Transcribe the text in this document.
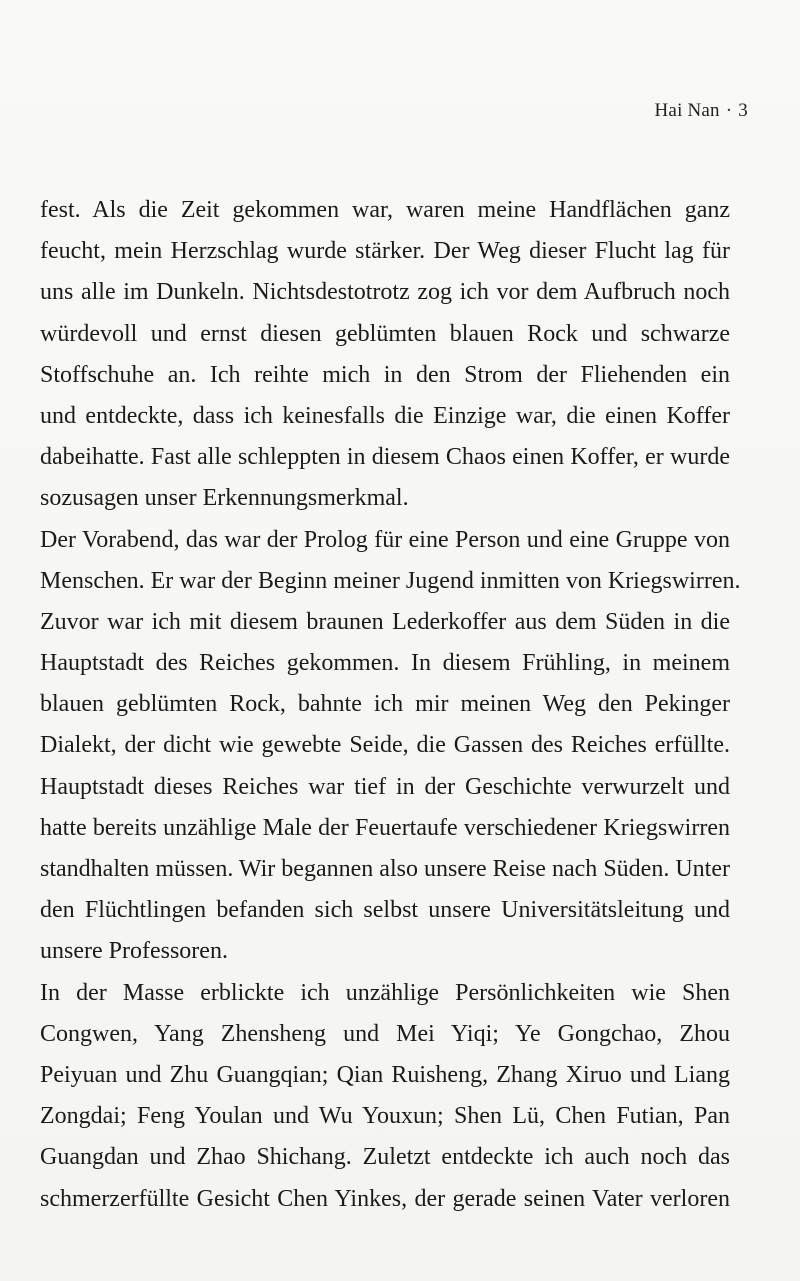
Hai Nan · 3
fest. Als die Zeit gekommen war, waren meine Handflächen ganz
feucht, mein Herzschlag wurde stärker. Der Weg dieser Flucht lag für
uns alle im Dunkeln. Nichtsdestotrotz zog ich vor dem Aufbruch noch
würdevoll und ernst diesen geblümten blauen Rock und schwarze
Stoffschuhe an. Ich reihte mich in den Strom der Fliehenden ein
und entdeckte, dass ich keinesfalls die Einzige war, die einen Koffer
dabeihatte. Fast alle schleppten in diesem Chaos einen Koffer, er wurde
sozusagen unser Erkennungsmerkmal.
Der Vorabend, das war der Prolog für eine Person und eine Gruppe von
Menschen. Er war der Beginn meiner Jugend inmitten von Kriegswirren.
Zuvor war ich mit diesem braunen Lederkoffer aus dem Süden in die
Hauptstadt des Reiches gekommen. In diesem Frühling, in meinem
blauen geblümten Rock, bahnte ich mir meinen Weg den Pekinger
Dialekt, der dicht wie gewebte Seide, die Gassen des Reiches erfüllte.
Hauptstadt dieses Reiches war tief in der Geschichte verwurzelt und
hatte bereits unzählige Male der Feuertaufe verschiedener Kriegswirren
standhalten müssen. Wir begannen also unsere Reise nach Süden. Unter
den Flüchtlingen befanden sich selbst unsere Universitätsleitung und
unsere Professoren.
In der Masse erblickte ich unzählige Persönlichkeiten wie Shen
Congwen, Yang Zhensheng und Mei Yiqi; Ye Gongchao, Zhou
Peiyuan und Zhu Guangqian; Qian Ruisheng, Zhang Xiruo und Liang
Zongdai; Feng Youlan und Wu Youxun; Shen Lü, Chen Futian, Pan
Guangdan und Zhao Shichang. Zuletzt entdeckte ich auch noch das
schmerzerfüllte Gesicht Chen Yinkes, der gerade seinen Vater verloren
